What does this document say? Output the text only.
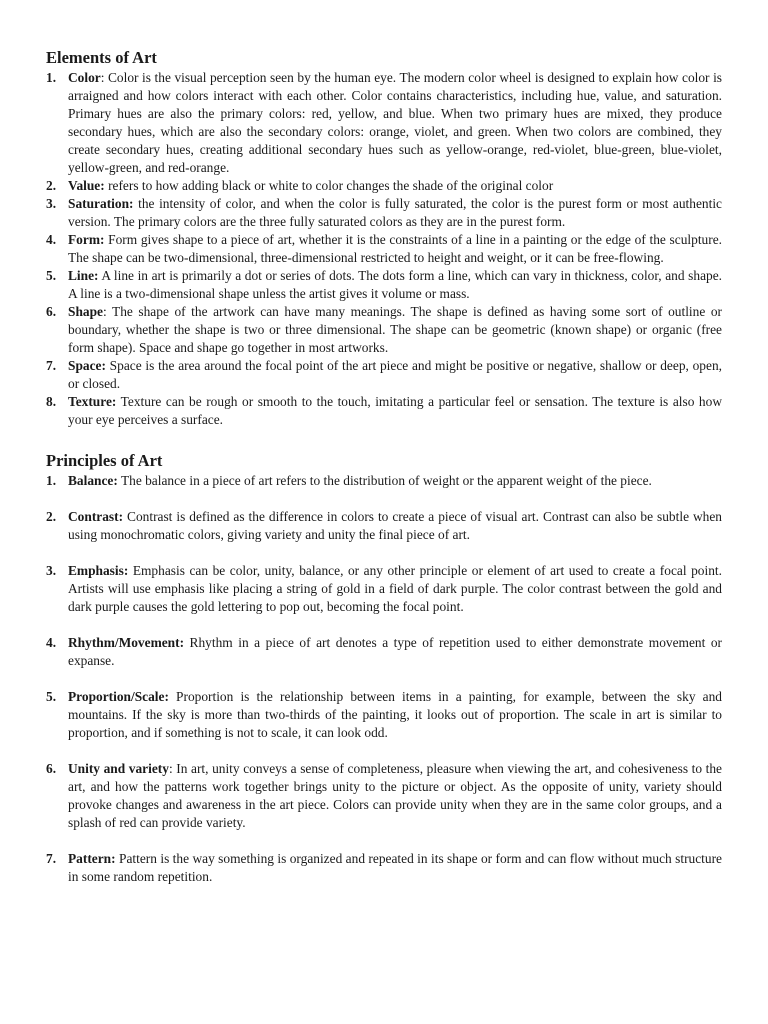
Elements of Art
1. Color: Color is the visual perception seen by the human eye. The modern color wheel is designed to explain how color is arraigned and how colors interact with each other. Color contains characteristics, including hue, value, and saturation. Primary hues are also the primary colors: red, yellow, and blue. When two primary hues are mixed, they produce secondary hues, which are also the secondary colors: orange, violet, and green. When two colors are combined, they create secondary hues, creating additional secondary hues such as yellow-orange, red-violet, blue-green, blue-violet, yellow-green, and red-orange.
2. Value: refers to how adding black or white to color changes the shade of the original color
3. Saturation: the intensity of color, and when the color is fully saturated, the color is the purest form or most authentic version. The primary colors are the three fully saturated colors as they are in the purest form.
4. Form: Form gives shape to a piece of art, whether it is the constraints of a line in a painting or the edge of the sculpture. The shape can be two-dimensional, three-dimensional restricted to height and weight, or it can be free-flowing.
5. Line: A line in art is primarily a dot or series of dots. The dots form a line, which can vary in thickness, color, and shape. A line is a two-dimensional shape unless the artist gives it volume or mass.
6. Shape: The shape of the artwork can have many meanings. The shape is defined as having some sort of outline or boundary, whether the shape is two or three dimensional. The shape can be geometric (known shape) or organic (free form shape). Space and shape go together in most artworks.
7. Space: Space is the area around the focal point of the art piece and might be positive or negative, shallow or deep, open, or closed.
8. Texture: Texture can be rough or smooth to the touch, imitating a particular feel or sensation. The texture is also how your eye perceives a surface.
Principles of Art
1. Balance: The balance in a piece of art refers to the distribution of weight or the apparent weight of the piece.
2. Contrast: Contrast is defined as the difference in colors to create a piece of visual art. Contrast can also be subtle when using monochromatic colors, giving variety and unity the final piece of art.
3. Emphasis: Emphasis can be color, unity, balance, or any other principle or element of art used to create a focal point. Artists will use emphasis like placing a string of gold in a field of dark purple. The color contrast between the gold and dark purple causes the gold lettering to pop out, becoming the focal point.
4. Rhythm/Movement: Rhythm in a piece of art denotes a type of repetition used to either demonstrate movement or expanse.
5. Proportion/Scale: Proportion is the relationship between items in a painting, for example, between the sky and mountains. If the sky is more than two-thirds of the painting, it looks out of proportion. The scale in art is similar to proportion, and if something is not to scale, it can look odd.
6. Unity and variety: In art, unity conveys a sense of completeness, pleasure when viewing the art, and cohesiveness to the art, and how the patterns work together brings unity to the picture or object. As the opposite of unity, variety should provoke changes and awareness in the art piece. Colors can provide unity when they are in the same color groups, and a splash of red can provide variety.
7. Pattern: Pattern is the way something is organized and repeated in its shape or form and can flow without much structure in some random repetition.
